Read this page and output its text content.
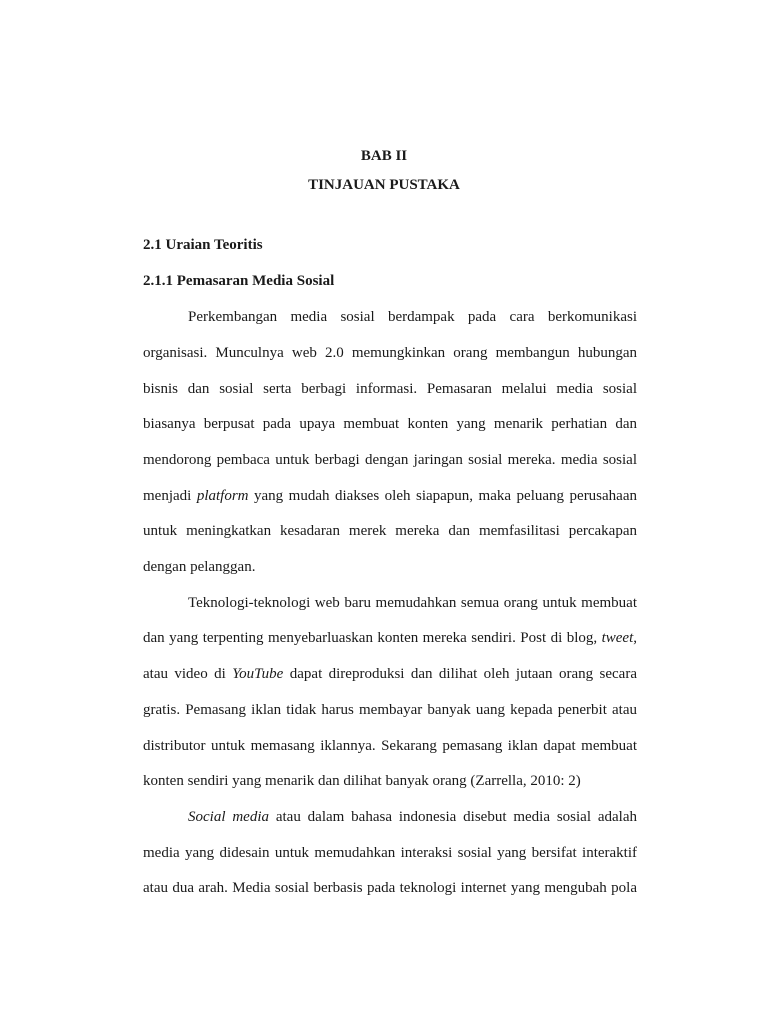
BAB II

TINJAUAN PUSTAKA

2.1 Uraian Teoritis

2.1.1 Pemasaran Media Sosial

Perkembangan media sosial berdampak pada cara berkomunikasi

organisasi. Munculnya web 2.0 memungkinkan orang membangun hubungan

bisnis dan sosial serta berbagi informasi. Pemasaran melalui media sosial

biasanya berpusat pada upaya membuat konten yang menarik perhatian dan

mendorong pembaca untuk berbagi dengan jaringan sosial mereka. media sosial

menjadi platform yang mudah diakses oleh siapapun, maka peluang perusahaan

untuk meningkatkan kesadaran merek mereka dan memfasilitasi percakapan

dengan pelanggan.

Teknologi-teknologi web baru memudahkan semua orang untuk membuat

dan yang terpenting menyebarluaskan konten mereka sendiri. Post di blog, tweet,

atau video di YouTube dapat direproduksi dan dilihat oleh jutaan orang secara

gratis. Pemasang iklan tidak harus membayar banyak uang kepada penerbit atau

distributor untuk memasang iklannya. Sekarang pemasang iklan dapat membuat

konten sendiri yang menarik dan dilihat banyak orang (Zarrella, 2010: 2)

Social media atau dalam bahasa indonesia disebut media sosial adalah

media yang didesain untuk memudahkan interaksi sosial yang bersifat interaktif

atau dua arah. Media sosial berbasis pada teknologi internet yang mengubah pola
